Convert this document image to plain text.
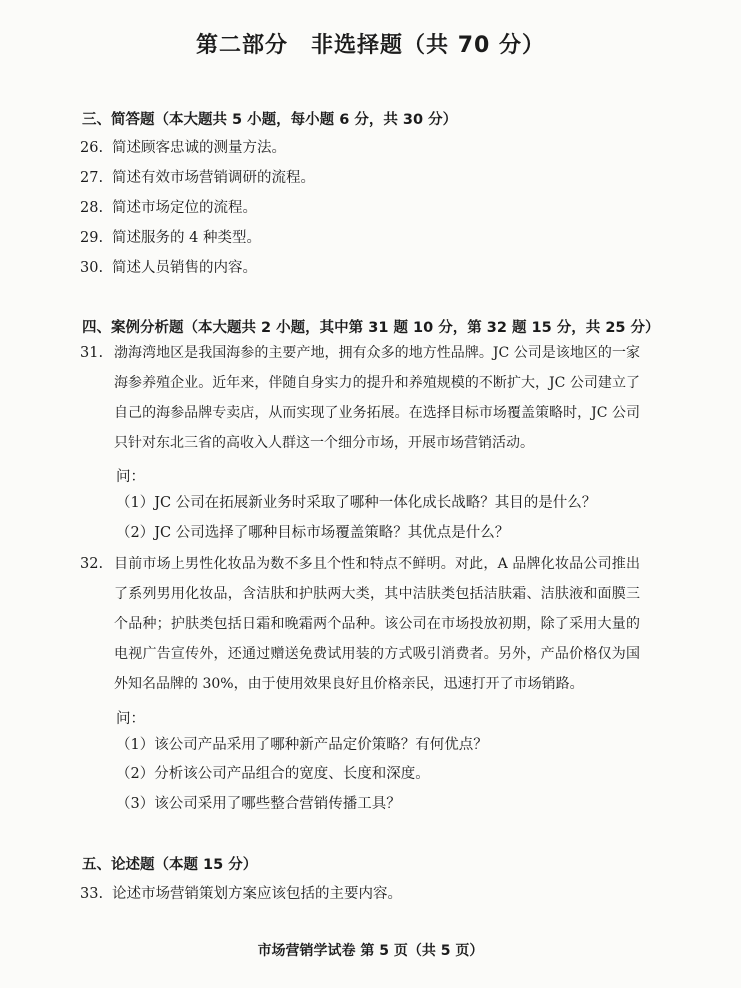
第二部分　非选择题（共 70 分）
三、简答题（本大题共 5 小题，每小题 6 分，共 30 分）
26. 简述顾客忠诚的测量方法。
27. 简述有效市场营销调研的流程。
28. 简述市场定位的流程。
29. 简述服务的 4 种类型。
30. 简述人员销售的内容。
四、案例分析题（本大题共 2 小题，其中第 31 题 10 分，第 32 题 15 分，共 25 分）
31. 渤海湾地区是我国海参的主要产地，拥有众多的地方性品牌。JC 公司是该地区的一家海参养殖企业。近年来，伴随自身实力的提升和养殖规模的不断扩大，JC 公司建立了自己的海参品牌专卖店，从而实现了业务拓展。在选择目标市场覆盖策略时，JC 公司只针对东北三省的高收入人群这一个细分市场，开展市场营销活动。
问：
（1）JC 公司在拓展新业务时采取了哪种一体化成长战略？其目的是什么？
（2）JC 公司选择了哪种目标市场覆盖策略？其优点是什么？
32. 目前市场上男性化妆品为数不多且个性和特点不鲜明。对此，A 品牌化妆品公司推出了系列男用化妆品，含洁肤和护肤两大类，其中洁肤类包括洁肤霜、洁肤液和面膜三个品种；护肤类包括日霜和晚霜两个品种。该公司在市场投放初期，除了采用大量的电视广告宣传外，还通过赠送免费试用装的方式吸引消费者。另外，产品价格仅为国外知名品牌的 30%，由于使用效果良好且价格亲民，迅速打开了市场销路。
问：
（1）该公司产品采用了哪种新产品定价策略？有何优点？
（2）分析该公司产品组合的宽度、长度和深度。
（3）该公司采用了哪些整合营销传播工具？
五、论述题（本题 15 分）
33. 论述市场营销策划方案应该包括的主要内容。
市场营销学试卷 第 5 页（共 5 页）
